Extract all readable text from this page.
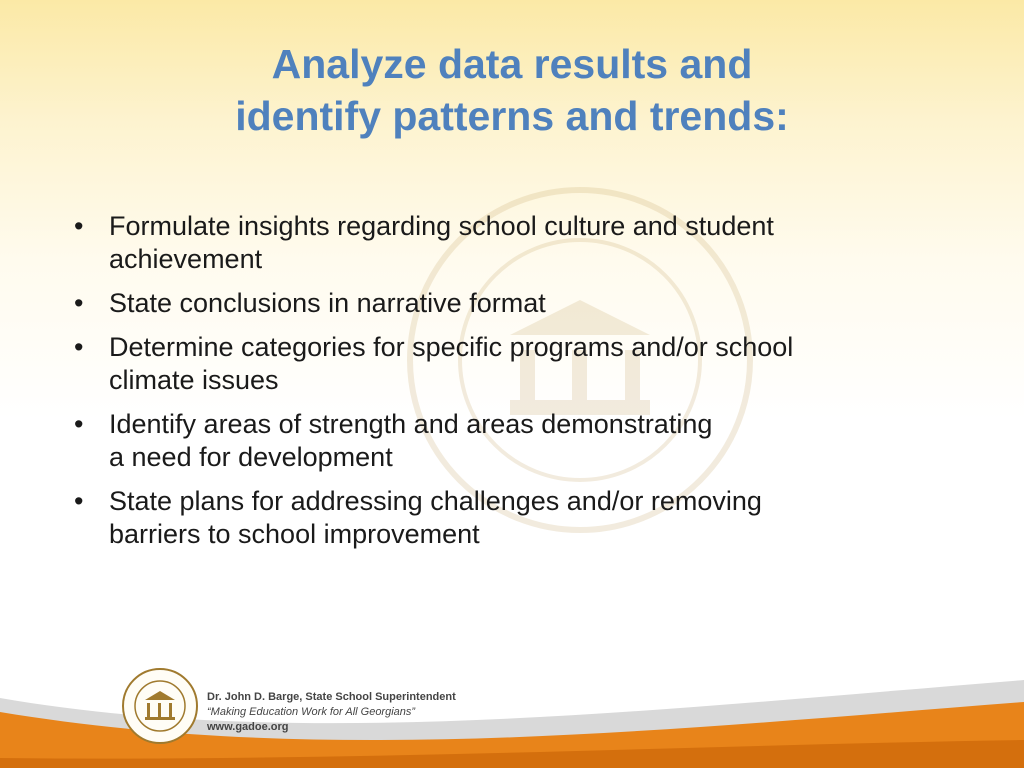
Analyze data results and
identify patterns and trends:
• Formulate insights regarding school culture and student
achievement
• State conclusions in narrative format
• Determine categories for specific programs and/or school
climate issues
• Identify areas of strength and areas demonstrating
a need for development
• State plans for addressing challenges and/or removing
barriers to school improvement
Dr. John D. Barge, State School Superintendent
“Making Education Work for All Georgians”
www.gadoe.org
